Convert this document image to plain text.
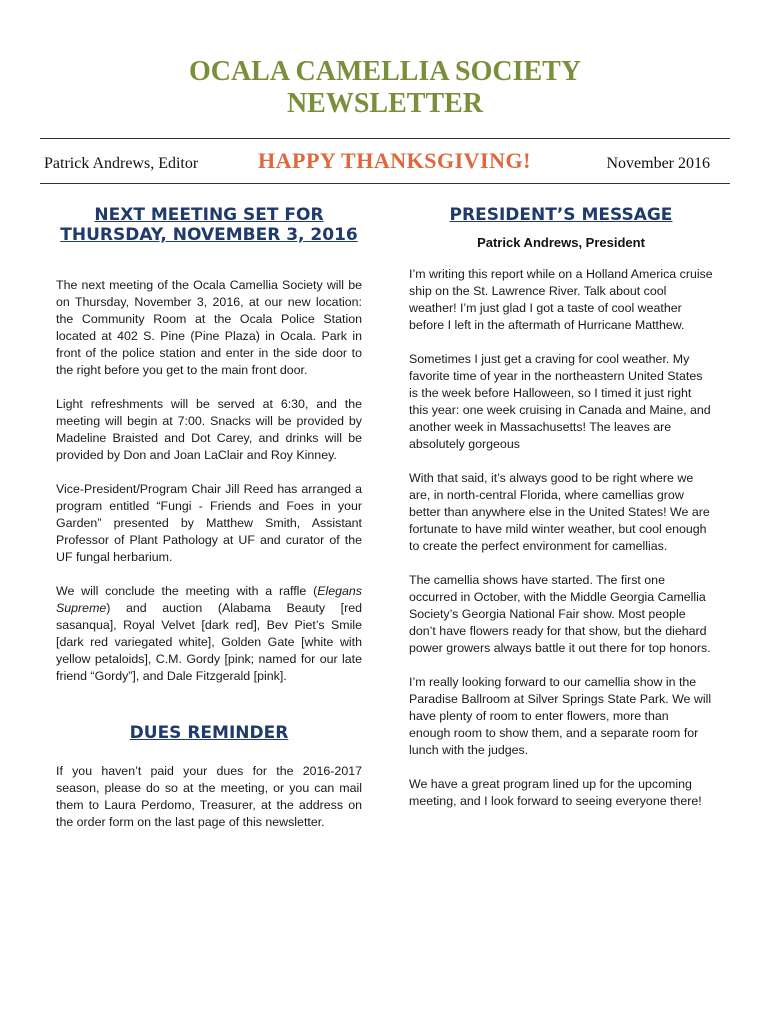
OCALA CAMELLIA SOCIETY
NEWSLETTER
Patrick Andrews, Editor	HAPPY THANKSGIVING!	November 2016
NEXT MEETING SET FOR
THURSDAY, NOVEMBER 3, 2016

The next meeting of the Ocala Camellia Society will be on Thursday, November 3, 2016, at our new location: the Community Room at the Ocala Police Station located at 402 S. Pine (Pine Plaza) in Ocala. Park in front of the police station and enter in the side door to the right before you get to the main front door.

Light refreshments will be served at 6:30, and the meeting will begin at 7:00. Snacks will be provided by Madeline Braisted and Dot Carey, and drinks will be provided by Don and Joan LaClair and Roy Kinney.

Vice-President/Program Chair Jill Reed has arranged a program entitled “Fungi - Friends and Foes in your Garden” presented by Matthew Smith, Assistant Professor of Plant Pathology at UF and curator of the UF fungal herbarium.

We will conclude the meeting with a raffle (Elegans Supreme) and auction (Alabama Beauty [red sasanqua], Royal Velvet [dark red], Bev Piet’s Smile [dark red variegated white], Golden Gate [white with yellow petaloids], C.M. Gordy [pink; named for our late friend “Gordy”], and Dale Fitzgerald [pink].

DUES REMINDER

If you haven’t paid your dues for the 2016-2017 season, please do so at the meeting, or you can mail them to Laura Perdomo, Treasurer, at the address on the order form on the last page of this newsletter.

PRESIDENT’S MESSAGE
Patrick Andrews, President

I’m writing this report while on a Holland America cruise ship on the St. Lawrence River. Talk about cool weather! I’m just glad I got a taste of cool weather before I left in the aftermath of Hurricane Matthew.

Sometimes I just get a craving for cool weather. My favorite time of year in the northeastern United States is the week before Halloween, so I timed it just right this year: one week cruising in Canada and Maine, and another week in Massachusetts! The leaves are absolutely gorgeous

With that said, it’s always good to be right where we are, in north-central Florida, where camellias grow better than anywhere else in the United States! We are fortunate to have mild winter weather, but cool enough to create the perfect environment for camellias.

The camellia shows have started. The first one occurred in October, with the Middle Georgia Camellia Society’s Georgia National Fair show. Most people don’t have flowers ready for that show, but the diehard power growers always battle it out there for top honors.

I’m really looking forward to our camellia show in the Paradise Ballroom at Silver Springs State Park. We will have plenty of room to enter flowers, more than enough room to show them, and a separate room for lunch with the judges.

We have a great program lined up for the upcoming meeting, and I look forward to seeing everyone there!
